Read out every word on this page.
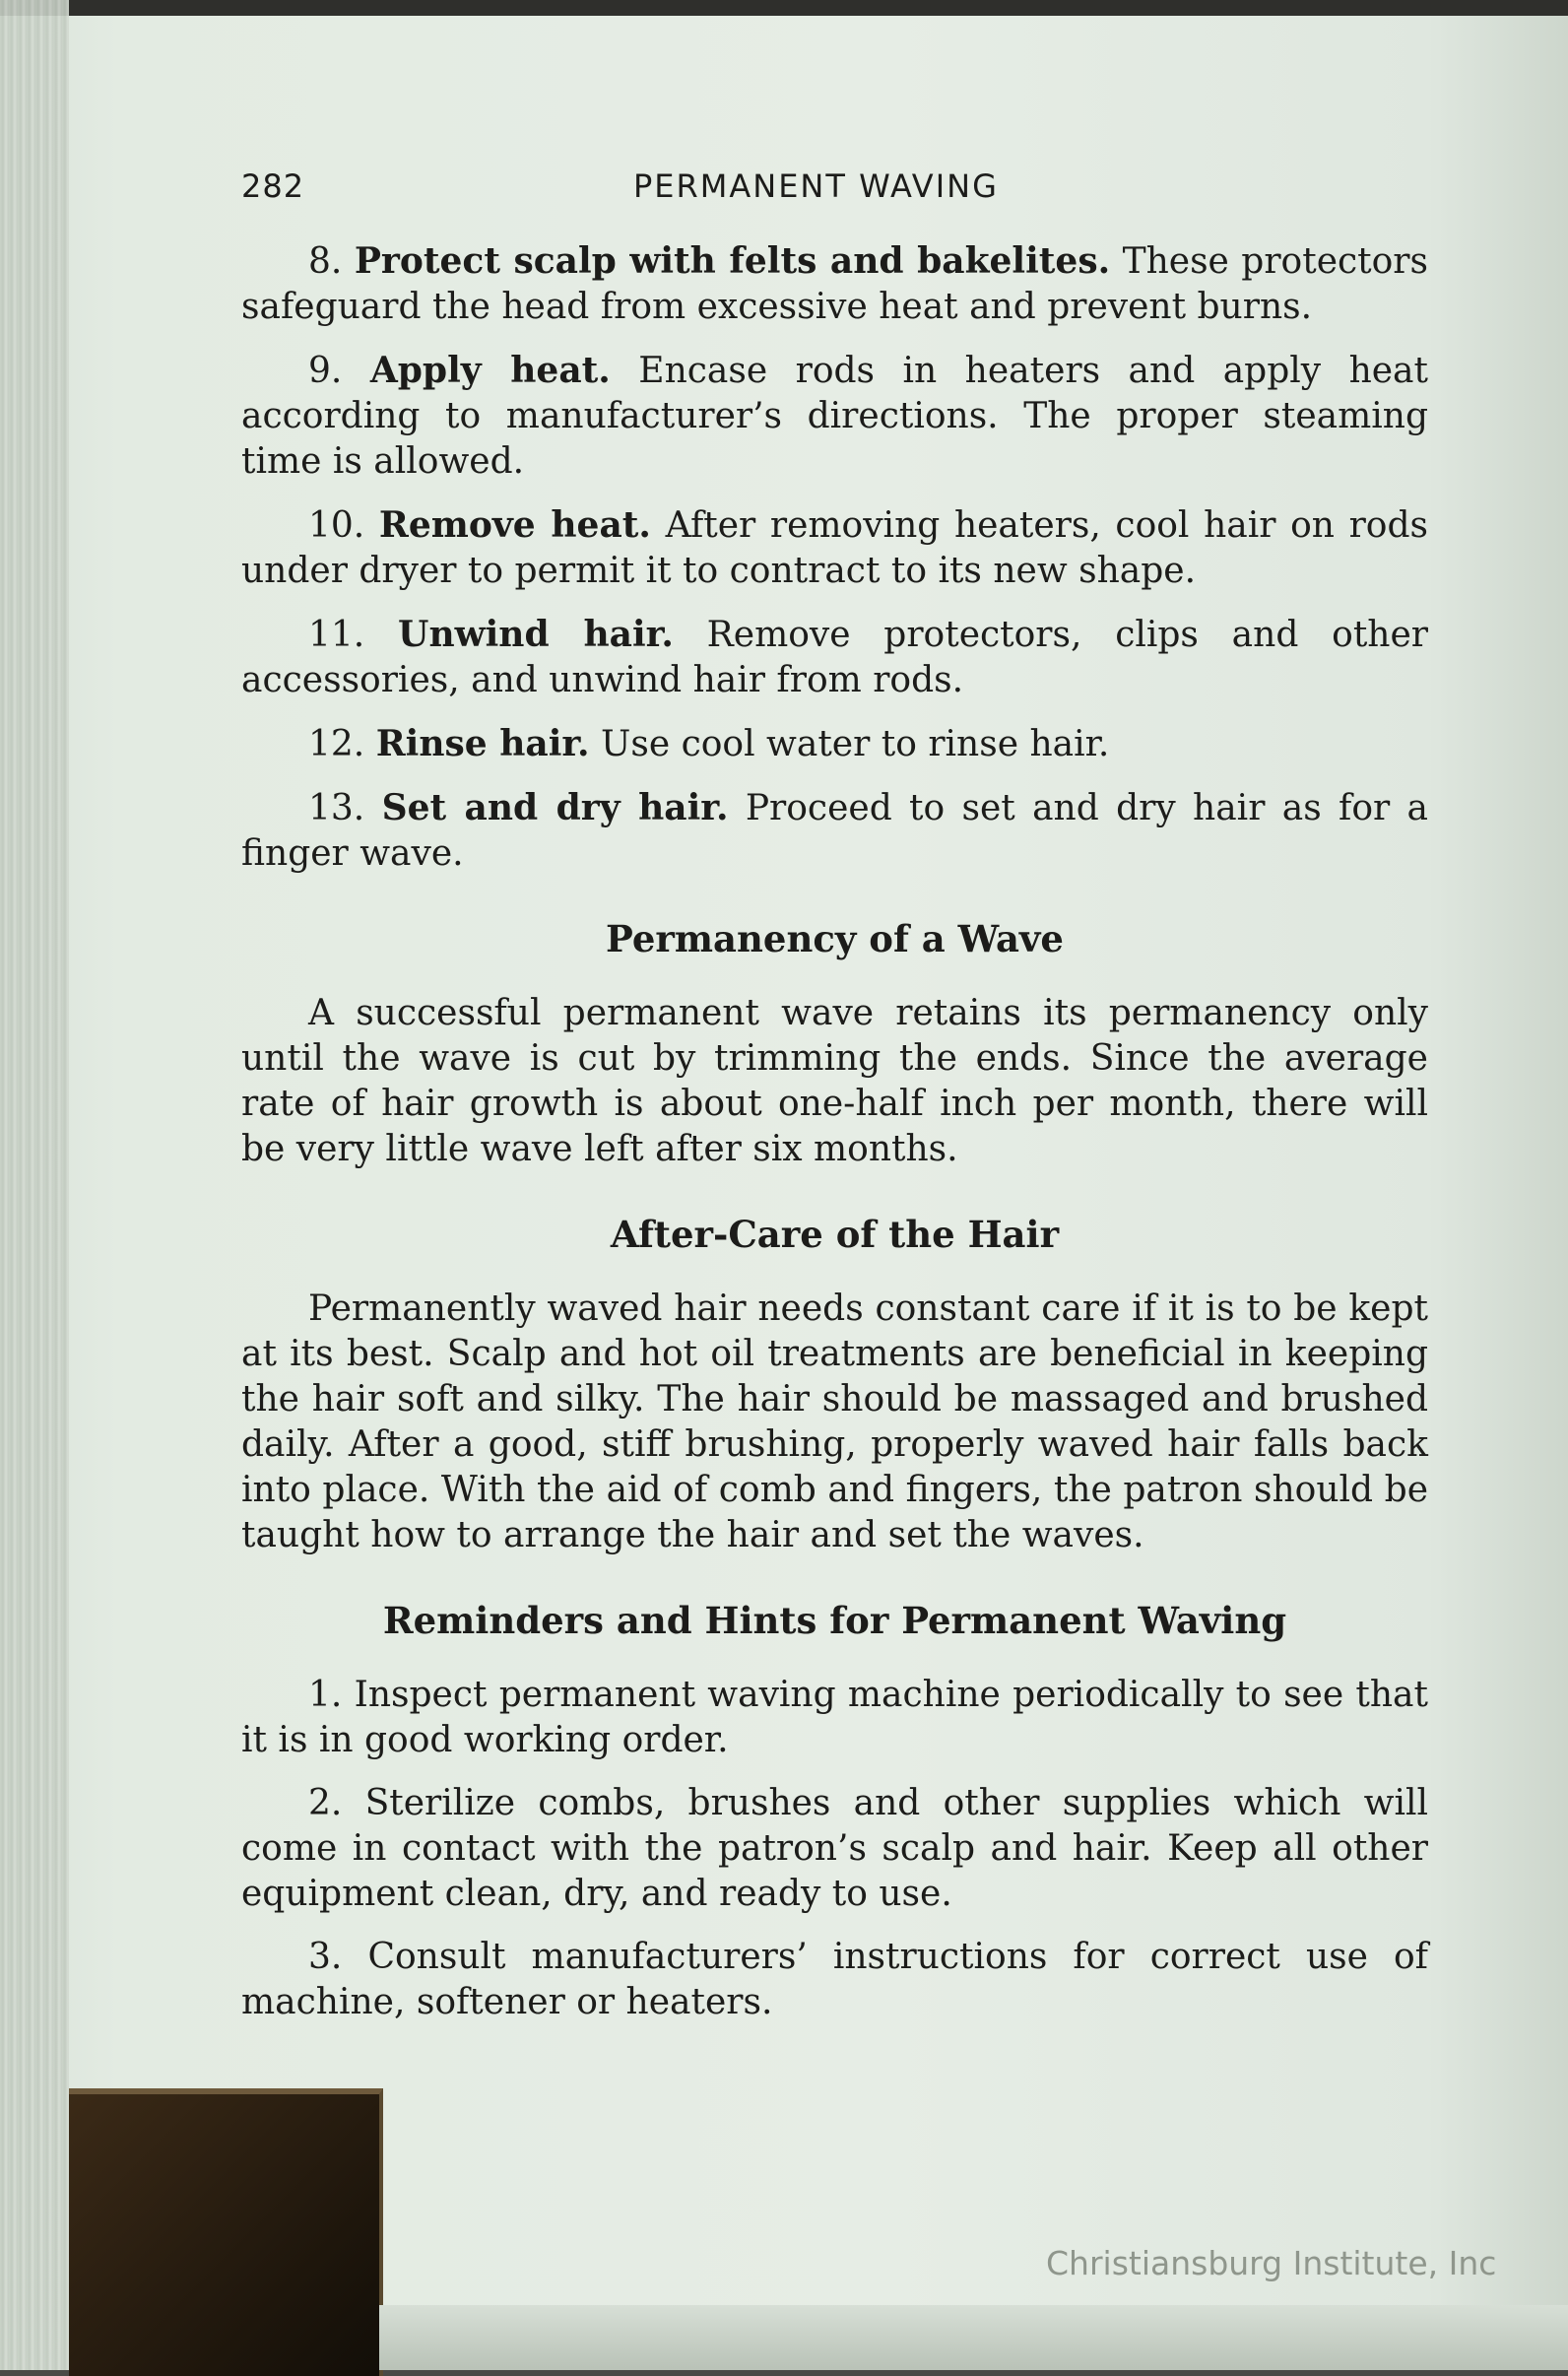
282	PERMANENT WAVING

8. Protect scalp with felts and bakelites. These protectors safeguard the head from excessive heat and prevent burns.

9. Apply heat. Encase rods in heaters and apply heat according to manufacturer’s directions. The proper steaming time is allowed.

10. Remove heat. After removing heaters, cool hair on rods under dryer to permit it to contract to its new shape.

11. Unwind hair. Remove protectors, clips and other accessories, and unwind hair from rods.

12. Rinse hair. Use cool water to rinse hair.

13. Set and dry hair. Proceed to set and dry hair as for a finger wave.

Permanency of a Wave

A successful permanent wave retains its permanency only until the wave is cut by trimming the ends. Since the average rate of hair growth is about one-half inch per month, there will be very little wave left after six months.

After-Care of the Hair

Permanently waved hair needs constant care if it is to be kept at its best. Scalp and hot oil treatments are beneficial in keeping the hair soft and silky. The hair should be massaged and brushed daily. After a good, stiff brushing, properly waved hair falls back into place. With the aid of comb and fingers, the patron should be taught how to arrange the hair and set the waves.

Reminders and Hints for Permanent Waving

1. Inspect permanent waving machine periodically to see that it is in good working order.

2. Sterilize combs, brushes and other supplies which will come in contact with the patron’s scalp and hair. Keep all other equipment clean, dry, and ready to use.

3. Consult manufacturers’ instructions for correct use of machine, softener or heaters.

Christiansburg Institute, Inc
